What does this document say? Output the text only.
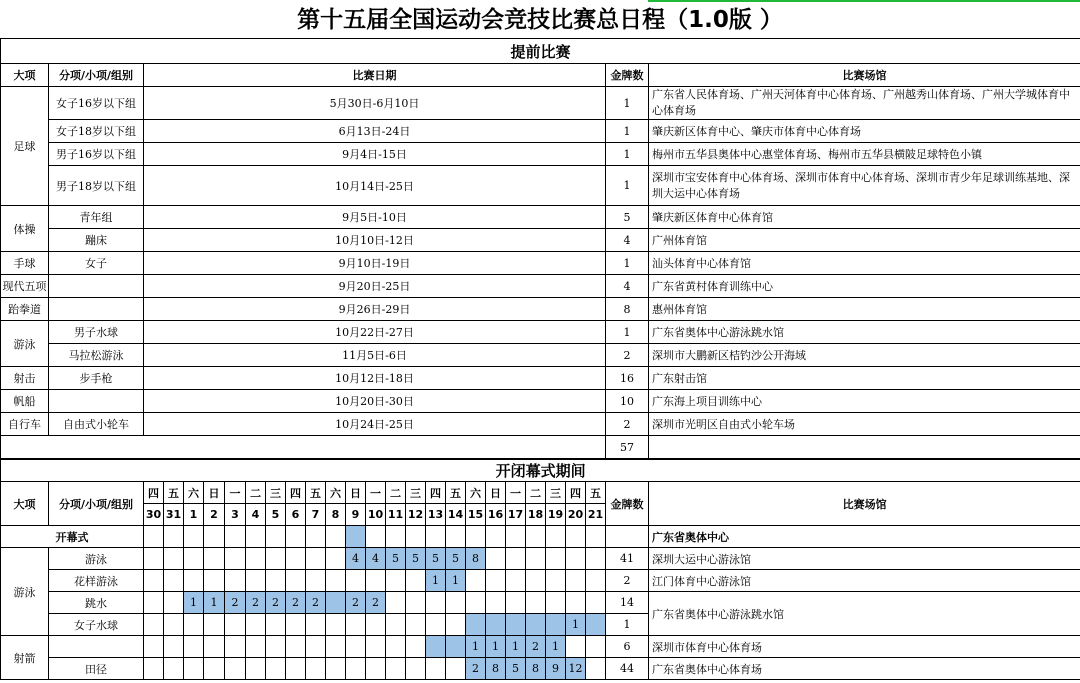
第十五届全国运动会竞技比赛总日程（1.0版 ）
提前比赛				
大项	分项/小项/组别	比赛日期	金牌数	比赛场馆
足球	女子16岁以下组	5月30日-6月10日	1	广东省人民体育场、广州天河体育中心体育场、广州越秀山体育场、广州大学城体育中心体育场
	女子18岁以下组	6月13日-24日	1	肇庆新区体育中心、肇庆市体育中心体育场
	男子16岁以下组	9月4日-15日	1	梅州市五华县奥体中心惠堂体育场、梅州市五华县横陂足球特色小镇
	男子18岁以下组	10月14日-25日	1	深圳市宝安体育中心体育场、深圳市体育中心体育场、深圳市青少年足球训练基地、深圳大运中心体育场
体操	青年组	9月5日-10日	5	肇庆新区体育中心体育馆
	蹦床	10月10日-12日	4	广州体育馆
手球	女子	9月10日-19日	1	汕头体育中心体育馆
现代五项		9月20日-25日	4	广东省黄村体育训练中心
跆拳道		9月26日-29日	8	惠州体育馆
游泳	男子水球	10月22日-27日	1	广东省奥体中心游泳跳水馆
	马拉松游泳	11月5日-6日	2	深圳市大鹏新区桔钓沙公开海域
射击	步手枪	10月12日-18日	16	广东射击馆
帆船		10月20日-30日	10	广东海上项目训练中心
自行车	自由式小轮车	10月24日-25日	2	深圳市光明区自由式小轮车场
			57	
开闭幕式期间																										
大项	分项/小项/组别	四	五	六	日	一	二	三	四	五	六	日	一	二	三	四	五	六	日	一	二	三	四	五	金牌数	比赛场馆
		30	31	1	2	3	4	5	6	7	8	9	10	11	12	13	14	15	16	17	18	19	20	21		
开幕式																										广东省奥体中心
游泳	游泳											4	4	5	5	5	5	8							41	深圳大运中心游泳馆
	花样游泳															1	1								2	江门体育中心游泳馆
	跳水			1	1	2	2	2	2	2		2	2												14	广东省奥体中心游泳跳水馆
	女子水球																						1		1	
射箭																		1	1	1	2	1			6	深圳市体育中心体育场
	田径																	2	8	5	8	9	12		44	广东省奥体中心体育场
